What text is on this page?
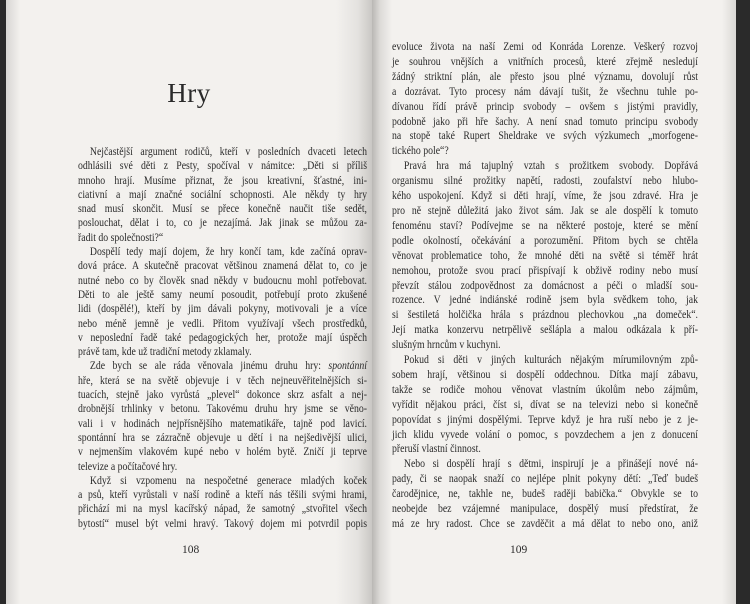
Hry
Nejčastější argument rodičů, kteří v posledních dvaceti letech
odhlásili své děti z Pesty, spočíval v námitce: „Děti si příliš
mnoho hrají. Musíme přiznat, že jsou kreativní, šťastné, ini-
ciativní a mají značné sociální schopnosti. Ale někdy ty hry
snad musí skončit. Musí se přece konečně naučit tiše sedět,
poslouchat, dělat i to, co je nezajímá. Jak jinak se můžou za-
řadit do společnosti?“
Dospělí tedy mají dojem, že hry končí tam, kde začíná oprav-
dová práce. A skutečně pracovat většinou znamená dělat to, co je
nutné nebo co by člověk snad někdy v budoucnu mohl potřebovat.
Děti to ale ještě samy neumí posoudit, potřebují proto zkušené
lidi (dospělé!), kteří by jim dávali pokyny, motivovali je a více
nebo méně jemně je vedli. Přitom využívají všech prostředků,
v neposlední řadě také pedagogických her, protože mají úspěch
právě tam, kde už tradiční metody zklamaly.
Zde bych se ale ráda věnovala jinému druhu hry: spontánní
hře, která se na světě objevuje i v těch nejneuvěřitelnějších si-
tuacích, stejně jako vyrůstá „plevel“ dokonce skrz asfalt a nej-
drobnější trhlinky v betonu. Takovému druhu hry jsme se věno-
vali i v hodinách nejpřísnějšího matematikáře, tajně pod lavicí.
spontánní hra se zázračně objevuje u dětí i na nejšedivější ulici,
v nejmenším vlakovém kupé nebo v holém bytě. Zničí ji teprve
televize a počítačové hry.
Když si vzpomenu na nespočetné generace mladých koček
a psů, kteří vyrůstali v naší rodině a kteří nás těšili svými hrami,
přichází mi na mysl kacířský nápad, že samotný „stvořitel všech
bytostí“ musel být velmi hravý. Takový dojem mi potvrdil popis
108
evoluce života na naší Zemi od Konráda Lorenze. Veškerý rozvoj
je souhrou vnějších a vnitřních procesů, které zřejmě nesledují
žádný striktní plán, ale přesto jsou plné významu, dovolují růst
a dozrávat. Tyto procesy nám dávají tušit, že všechnu tuhle po-
dívanou řídí právě princip svobody – ovšem s jistými pravidly,
podobně jako při hře šachy. A není snad tomuto principu svobody
na stopě také Rupert Sheldrake ve svých výzkumech „morfogene-
tického pole“?
Pravá hra má tajuplný vztah s prožitkem svobody. Dopřává
organismu silné prožitky napětí, radosti, zoufalství nebo hlubo-
kého uspokojení. Když si děti hrají, víme, že jsou zdravé. Hra je
pro ně stejně důležitá jako život sám. Jak se ale dospělí k tomuto
fenoménu staví? Podívejme se na některé postoje, které se mění
podle okolností, očekávání a porozumění. Přitom bych se chtěla
věnovat problematice toho, že mnohé děti na světě si téměř hrát
nemohou, protože svou prací přispívají k obživě rodiny nebo musí
převzít stálou zodpovědnost za domácnost a péči o mladší sou-
rozence. V jedné indiánské rodině jsem byla svědkem toho, jak
si šestiletá holčička hrála s prázdnou plechovkou „na domeček“.
Její matka konzervu netrpělivě sešlápla a malou odkázala k pří-
slušným hrncům v kuchyni.
Pokud si děti v jiných kulturách nějakým mírumilovným způ-
sobem hrají, většinou si dospělí oddechnou. Dítka mají zábavu,
takže se rodiče mohou věnovat vlastním úkolům nebo zájmům,
vyřídit nějakou práci, číst si, dívat se na televizi nebo si konečně
popovídat s jinými dospělými. Teprve když je hra ruší nebo je z je-
jich klidu vyvede volání o pomoc, s povzdechem a jen z donucení
přeruší vlastní činnost.
Nebo si dospělí hrají s dětmi, inspirují je a přinášejí nové ná-
pady, či se naopak snaží co nejlépe plnit pokyny dětí: „Teď budeš
čarodějnice, ne, takhle ne, budeš raději babička.“ Obvykle se to
neobejde bez vzájemné manipulace, dospělý musí předstírat, že
má ze hry radost. Chce se zavděčit a má dělat to nebo ono, aniž
109
